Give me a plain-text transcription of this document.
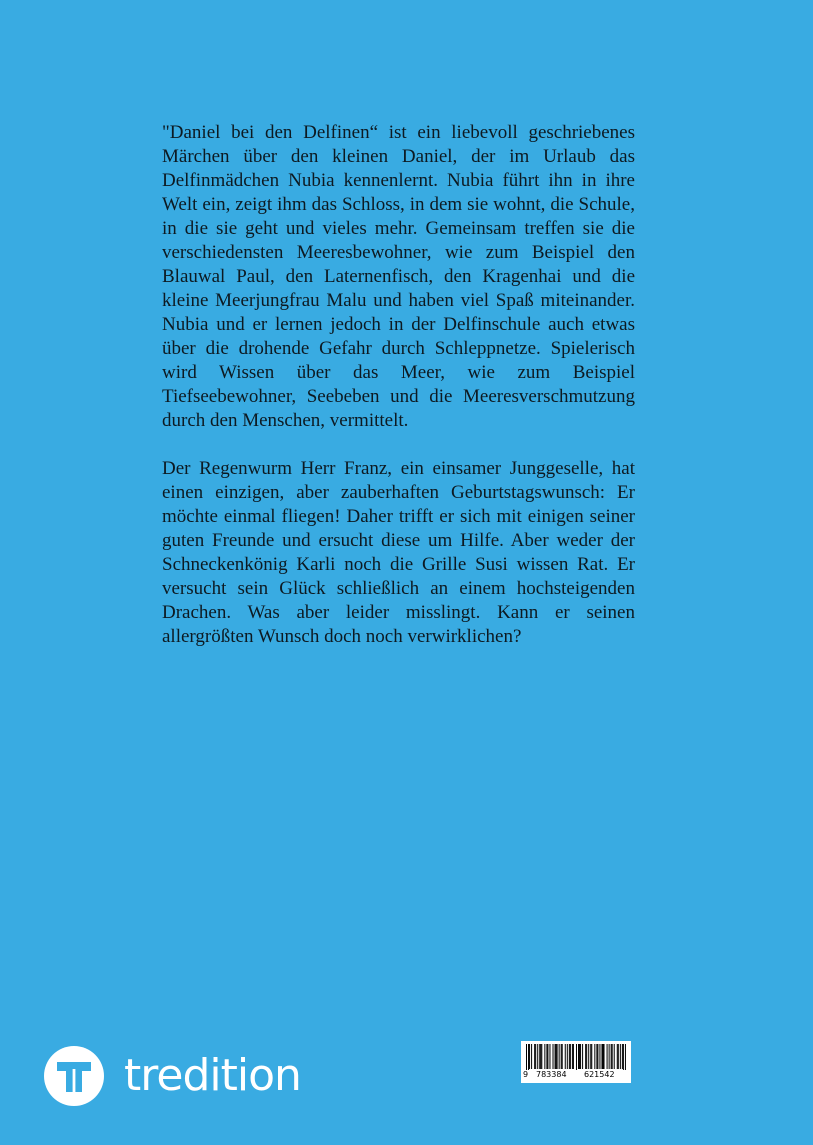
"Daniel bei den Delfinen“ ist ein liebevoll geschriebenes Märchen über den kleinen Daniel, der im Urlaub das Delfinmädchen Nubia kennenlernt. Nubia führt ihn in ihre Welt ein, zeigt ihm das Schloss, in dem sie wohnt, die Schule, in die sie geht und vieles mehr. Gemeinsam treffen sie die verschiedensten Meeresbewohner, wie zum Beispiel den Blauwal Paul, den Laternenfisch, den Kragenhai und die kleine Meerjungfrau Malu und haben viel Spaß miteinander. Nubia und er lernen jedoch in der Delfinschule auch etwas über die drohende Gefahr durch Schleppnetze. Spielerisch wird Wissen über das Meer, wie zum Beispiel Tiefseebewohner, Seebeben und die Meeresverschmutzung durch den Menschen, vermittelt.

Der Regenwurm Herr Franz, ein einsamer Junggeselle, hat einen einzigen, aber zauberhaften Geburtstagswunsch: Er möchte einmal fliegen! Daher trifft er sich mit einigen seiner guten Freunde und ersucht diese um Hilfe. Aber weder der Schneckenkönig Karli noch die Grille Susi wissen Rat. Er versucht sein Glück schließlich an einem hochsteigenden Drachen. Was aber leider misslingt. Kann er seinen allergrößten Wunsch doch noch verwirklichen?

tredition	9 783384 621542
